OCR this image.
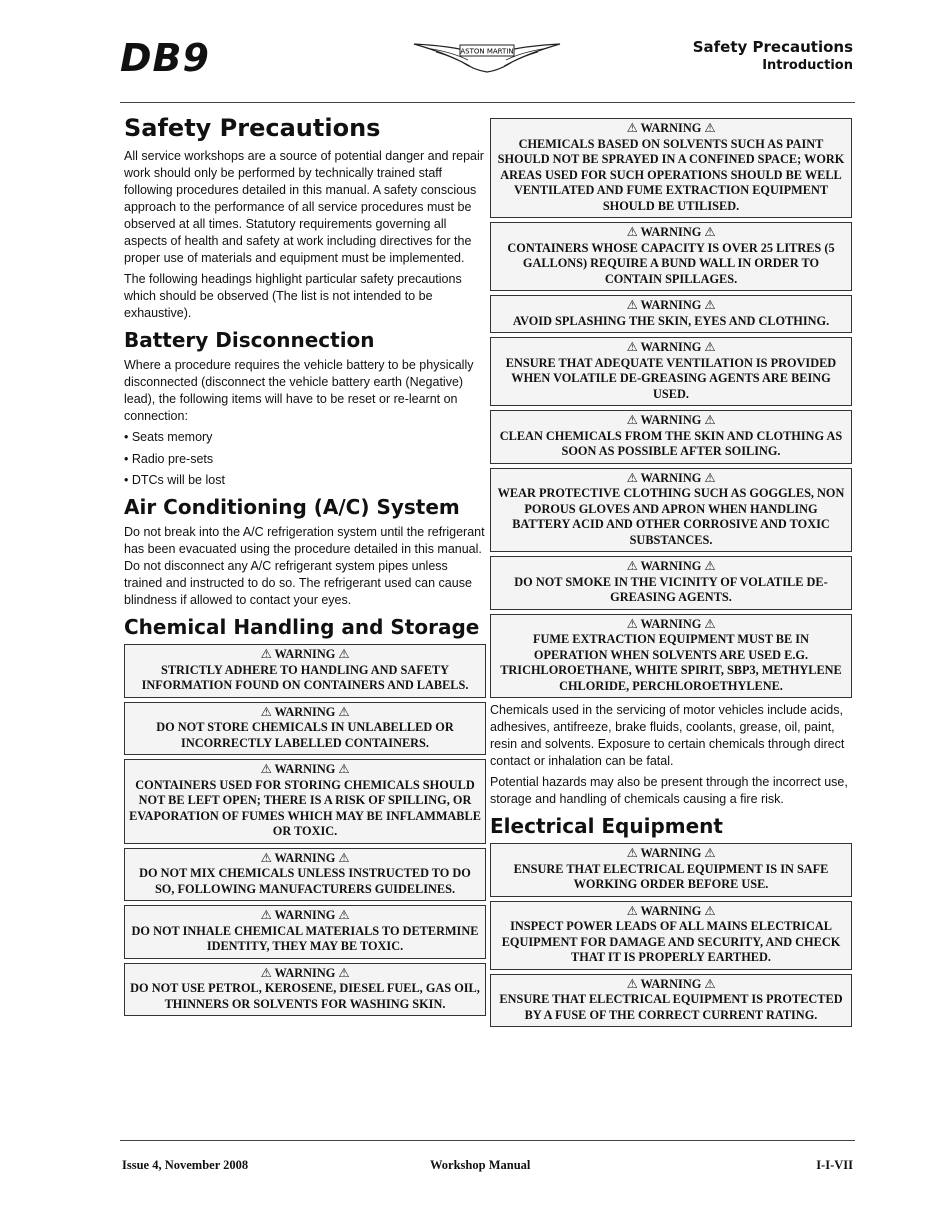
DB9	ASTON MARTIN	Safety Precautions
Introduction
Safety Precautions

All service workshops are a source of potential danger and repair work should only be performed by technically trained staff following procedures detailed in this manual. A safety conscious approach to the performance of all service procedures must be observed at all times. Statutory requirements governing all aspects of health and safety at work including directives for the proper use of materials and equipment must be implemented.

The following headings highlight particular safety precautions which should be observed (The list is not intended to be exhaustive).

Battery Disconnection

Where a procedure requires the vehicle battery to be physically disconnected (disconnect the vehicle battery earth (Negative) lead), the following items will have to be reset or re-learnt on connection:

• Seats memory
• Radio pre-sets
• DTCs will be lost
Air Conditioning (A/C) System

Do not break into the A/C refrigeration system until the refrigerant has been evacuated using the procedure detailed in this manual. Do not disconnect any A/C refrigerant system pipes unless trained and instructed to do so. The refrigerant used can cause blindness if allowed to contact your eyes.

Chemical Handling and Storage
⚠ WARNING ⚠
STRICTLY ADHERE TO HANDLING AND SAFETY INFORMATION FOUND ON CONTAINERS AND LABELS.
⚠ WARNING ⚠
DO NOT STORE CHEMICALS IN UNLABELLED OR INCORRECTLY LABELLED CONTAINERS.
⚠ WARNING ⚠
CONTAINERS USED FOR STORING CHEMICALS SHOULD NOT BE LEFT OPEN; THERE IS A RISK OF SPILLING, OR EVAPORATION OF FUMES WHICH MAY BE INFLAMMABLE OR TOXIC.
⚠ WARNING ⚠
DO NOT MIX CHEMICALS UNLESS INSTRUCTED TO DO SO, FOLLOWING MANUFACTURERS GUIDELINES.
⚠ WARNING ⚠
DO NOT INHALE CHEMICAL MATERIALS TO DETERMINE IDENTITY, THEY MAY BE TOXIC.
⚠ WARNING ⚠
DO NOT USE PETROL, KEROSENE, DIESEL FUEL, GAS OIL, THINNERS OR SOLVENTS FOR WASHING SKIN.
⚠ WARNING ⚠
CHEMICALS BASED ON SOLVENTS SUCH AS PAINT SHOULD NOT BE SPRAYED IN A CONFINED SPACE; WORK AREAS USED FOR SUCH OPERATIONS SHOULD BE WELL VENTILATED AND FUME EXTRACTION EQUIPMENT SHOULD BE UTILISED.
⚠ WARNING ⚠
CONTAINERS WHOSE CAPACITY IS OVER 25 LITRES (5 GALLONS) REQUIRE A BUND WALL IN ORDER TO CONTAIN SPILLAGES.
⚠ WARNING ⚠
AVOID SPLASHING THE SKIN, EYES AND CLOTHING.
⚠ WARNING ⚠
ENSURE THAT ADEQUATE VENTILATION IS PROVIDED WHEN VOLATILE DE-GREASING AGENTS ARE BEING USED.
⚠ WARNING ⚠
CLEAN CHEMICALS FROM THE SKIN AND CLOTHING AS SOON AS POSSIBLE AFTER SOILING.
⚠ WARNING ⚠
WEAR PROTECTIVE CLOTHING SUCH AS GOGGLES, NON POROUS GLOVES AND APRON WHEN HANDLING BATTERY ACID AND OTHER CORROSIVE AND TOXIC SUBSTANCES.
⚠ WARNING ⚠
DO NOT SMOKE IN THE VICINITY OF VOLATILE DE-GREASING AGENTS.
⚠ WARNING ⚠
FUME EXTRACTION EQUIPMENT MUST BE IN OPERATION WHEN SOLVENTS ARE USED E.G. TRICHLOROETHANE, WHITE SPIRIT, SBP3, METHYLENE CHLORIDE, PERCHLOROETHYLENE.

Chemicals used in the servicing of motor vehicles include acids, adhesives, antifreeze, brake fluids, coolants, grease, oil, paint, resin and solvents. Exposure to certain chemicals through direct contact or inhalation can be fatal.

Potential hazards may also be present through the incorrect use, storage and handling of chemicals causing a fire risk.

Electrical Equipment
⚠ WARNING ⚠
ENSURE THAT ELECTRICAL EQUIPMENT IS IN SAFE WORKING ORDER BEFORE USE.
⚠ WARNING ⚠
INSPECT POWER LEADS OF ALL MAINS ELECTRICAL EQUIPMENT FOR DAMAGE AND SECURITY, AND CHECK THAT IT IS PROPERLY EARTHED.
⚠ WARNING ⚠
ENSURE THAT ELECTRICAL EQUIPMENT IS PROTECTED BY A FUSE OF THE CORRECT CURRENT RATING.
Issue 4, November 2008	Workshop Manual	I-I-VII
